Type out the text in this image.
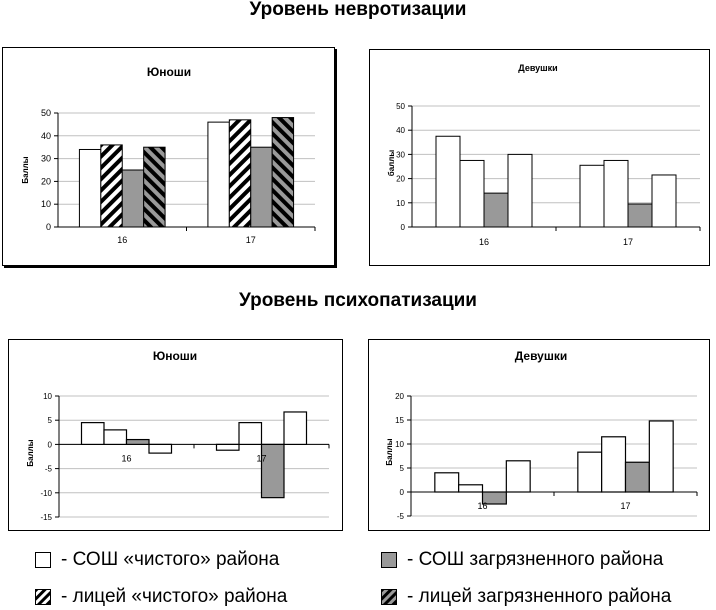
Уровень невротизации
Уровень психопатизации
Юноши
Баллы
0
10
20
30
40
50
16	17
Девушки
баллы
0
10
20
30
40
50
16	17
Юноши
Баллы
-15
-10
-5
0
5
10
16	17
Девушки
Баллы
-5
0
5
10
15
20
16	17
- СОШ «чистого» района	- СОШ загрязненного района
- лицей «чистого» района	- лицей загрязненного района
